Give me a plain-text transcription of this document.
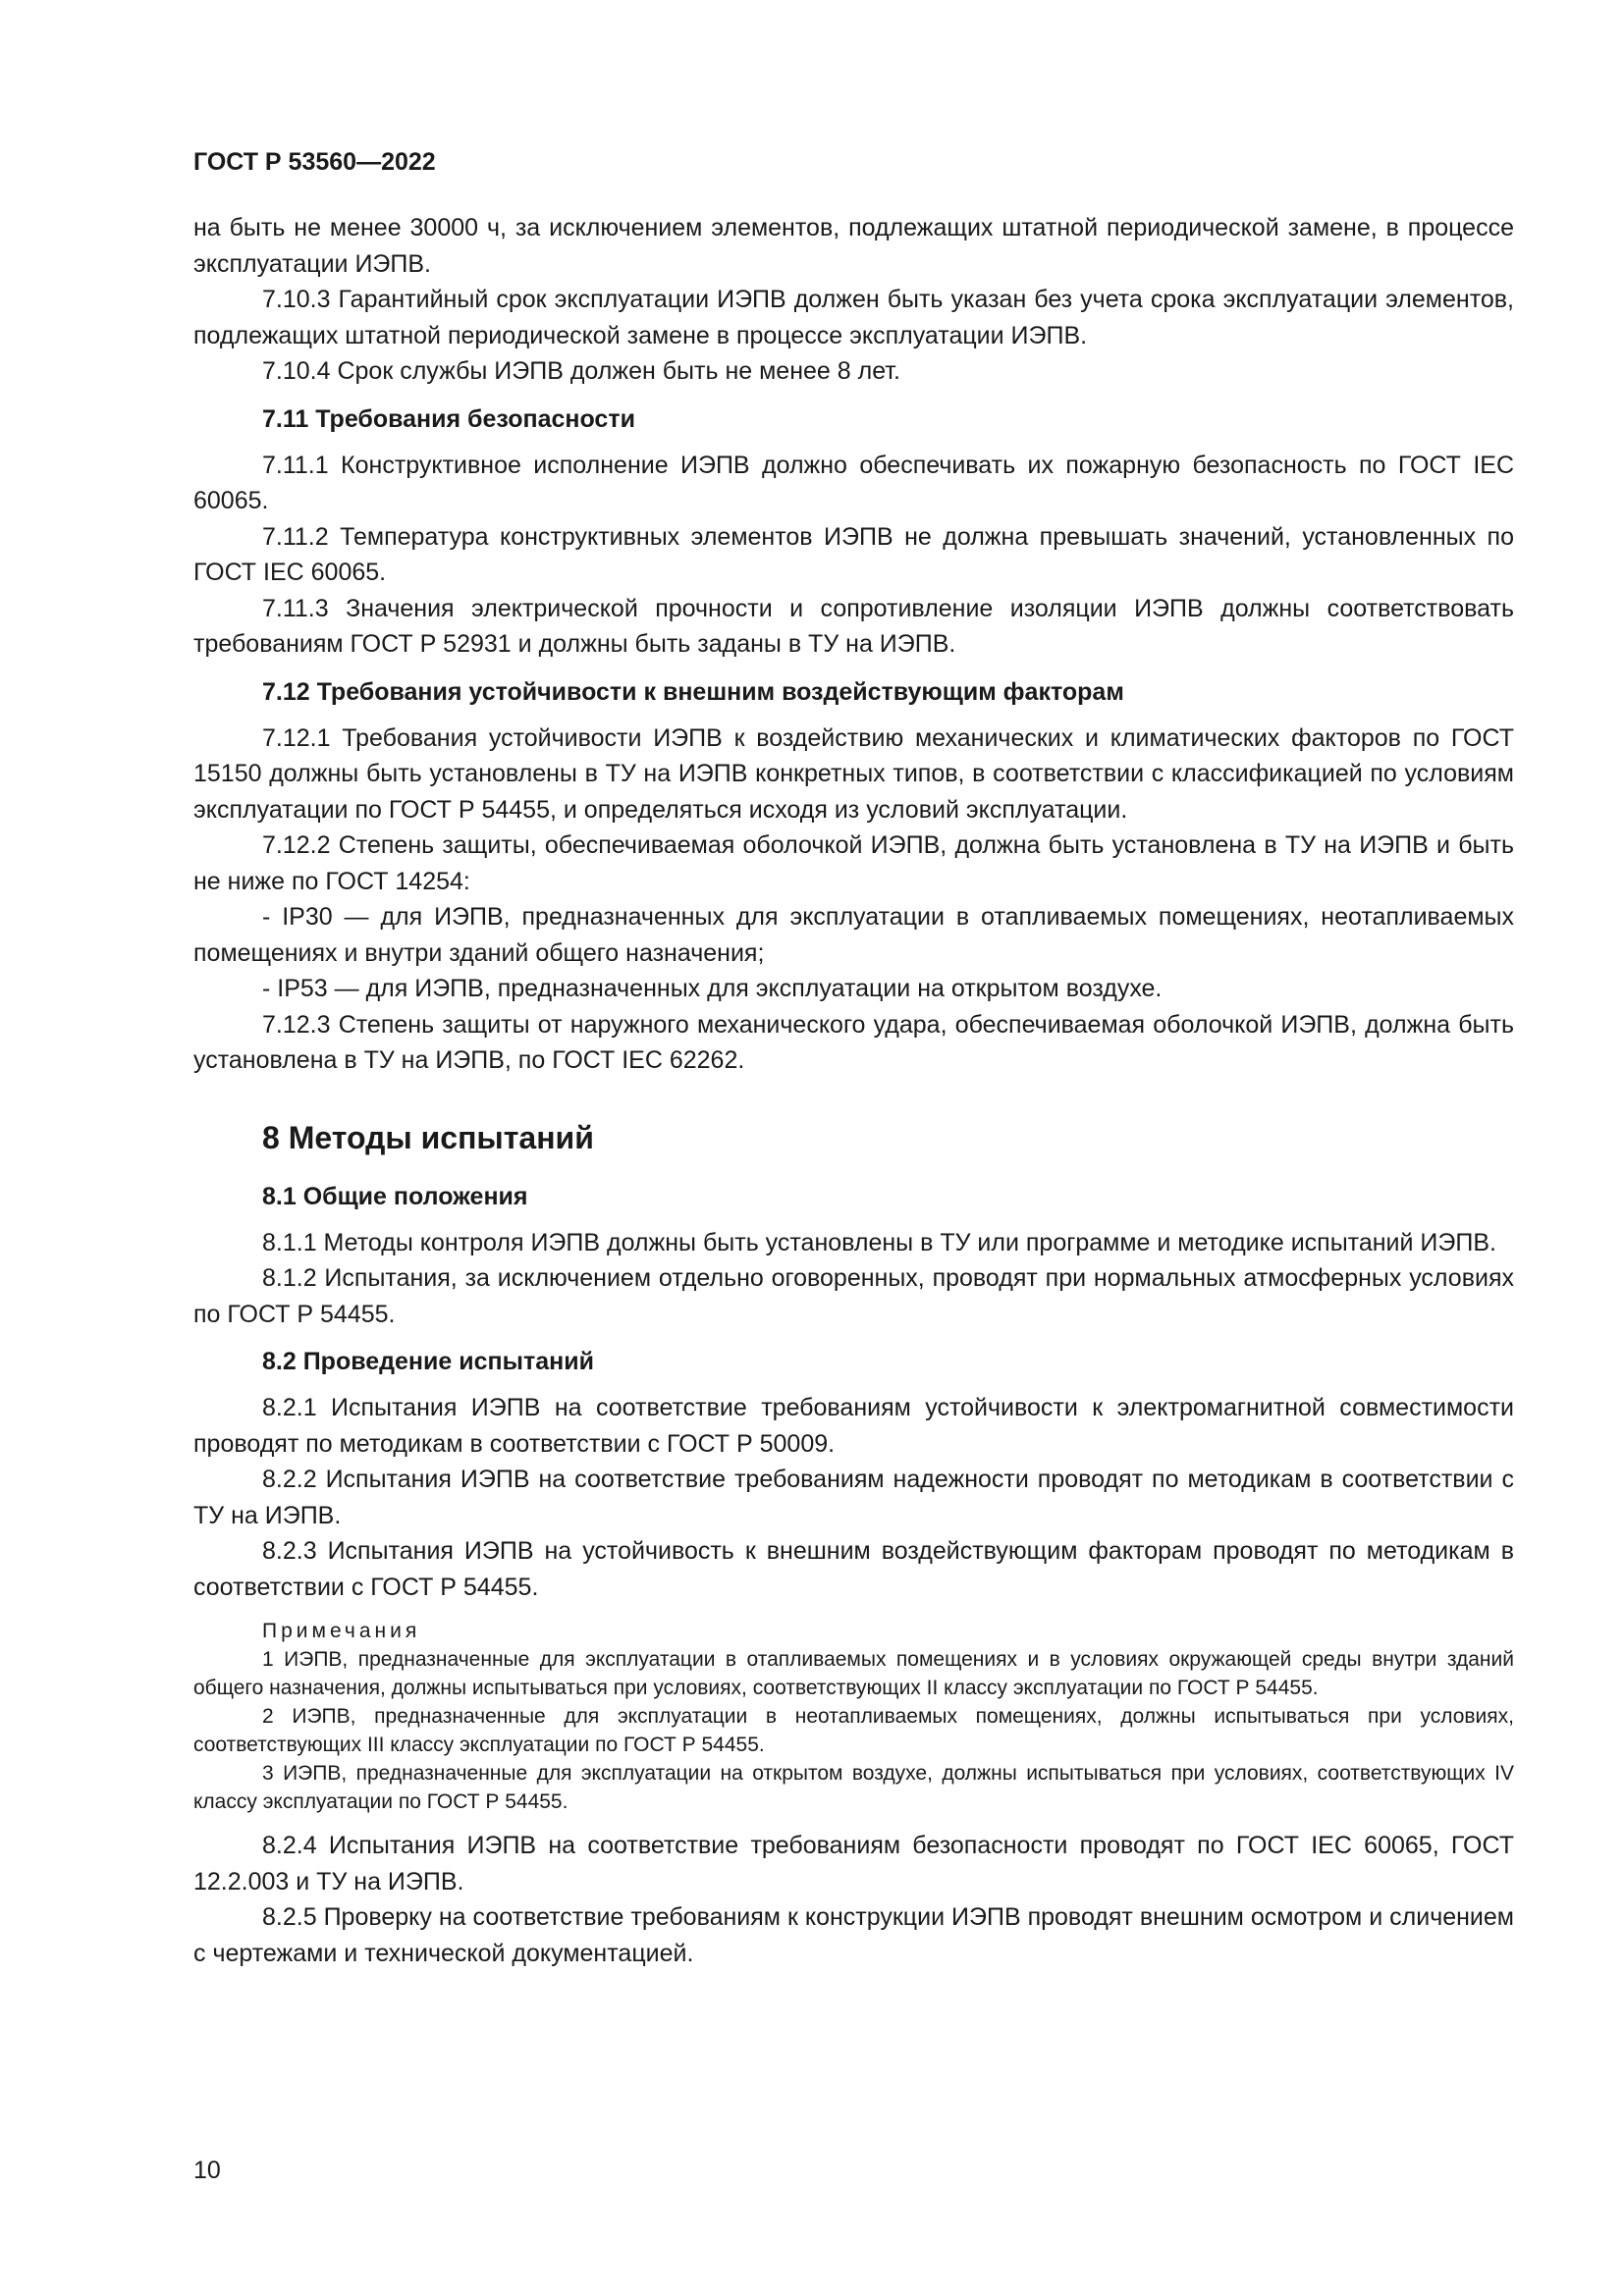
ГОСТ Р 53560—2022

на быть не менее 30000 ч, за исключением элементов, подлежащих штатной периодической замене, в процессе эксплуатации ИЭПВ.

7.10.3 Гарантийный срок эксплуатации ИЭПВ должен быть указан без учета срока эксплуатации элементов, подлежащих штатной периодической замене в процессе эксплуатации ИЭПВ.

7.10.4 Срок службы ИЭПВ должен быть не менее 8 лет.

7.11 Требования безопасности

7.11.1 Конструктивное исполнение ИЭПВ должно обеспечивать их пожарную безопасность по ГОСТ IEC 60065.

7.11.2 Температура конструктивных элементов ИЭПВ не должна превышать значений, установленных по ГОСТ IEC 60065.

7.11.3 Значения электрической прочности и сопротивление изоляции ИЭПВ должны соответствовать требованиям ГОСТ Р 52931 и должны быть заданы в ТУ на ИЭПВ.

7.12 Требования устойчивости к внешним воздействующим факторам

7.12.1 Требования устойчивости ИЭПВ к воздействию механических и климатических факторов по ГОСТ 15150 должны быть установлены в ТУ на ИЭПВ конкретных типов, в соответствии с классификацией по условиям эксплуатации по ГОСТ Р 54455, и определяться исходя из условий эксплуатации.

7.12.2 Степень защиты, обеспечиваемая оболочкой ИЭПВ, должна быть установлена в ТУ на ИЭПВ и быть не ниже по ГОСТ 14254:

- IP30 — для ИЭПВ, предназначенных для эксплуатации в отапливаемых помещениях, неотапливаемых помещениях и внутри зданий общего назначения;

- IP53 — для ИЭПВ, предназначенных для эксплуатации на открытом воздухе.

7.12.3 Степень защиты от наружного механического удара, обеспечиваемая оболочкой ИЭПВ, должна быть установлена в ТУ на ИЭПВ, по ГОСТ IEC 62262.

8 Методы испытаний
8.1 Общие положения

8.1.1 Методы контроля ИЭПВ должны быть установлены в ТУ или программе и методике испытаний ИЭПВ.

8.1.2 Испытания, за исключением отдельно оговоренных, проводят при нормальных атмосферных условиях по ГОСТ Р 54455.

8.2 Проведение испытаний

8.2.1 Испытания ИЭПВ на соответствие требованиям устойчивости к электромагнитной совместимости проводят по методикам в соответствии с ГОСТ Р 50009.

8.2.2 Испытания ИЭПВ на соответствие требованиям надежности проводят по методикам в соответствии с ТУ на ИЭПВ.

8.2.3 Испытания ИЭПВ на устойчивость к внешним воздействующим факторам проводят по методикам в соответствии с ГОСТ Р 54455.

Примечания

1 ИЭПВ, предназначенные для эксплуатации в отапливаемых помещениях и в условиях окружающей среды внутри зданий общего назначения, должны испытываться при условиях, соответствующих II классу эксплуатации по ГОСТ Р 54455.

2 ИЭПВ, предназначенные для эксплуатации в неотапливаемых помещениях, должны испытываться при условиях, соответствующих III классу эксплуатации по ГОСТ Р 54455.

3 ИЭПВ, предназначенные для эксплуатации на открытом воздухе, должны испытываться при условиях, соответствующих IV классу эксплуатации по ГОСТ Р 54455.

8.2.4 Испытания ИЭПВ на соответствие требованиям безопасности проводят по ГОСТ IEC 60065, ГОСТ 12.2.003 и ТУ на ИЭПВ.

8.2.5 Проверку на соответствие требованиям к конструкции ИЭПВ проводят внешним осмотром и сличением с чертежами и технической документацией.

10
